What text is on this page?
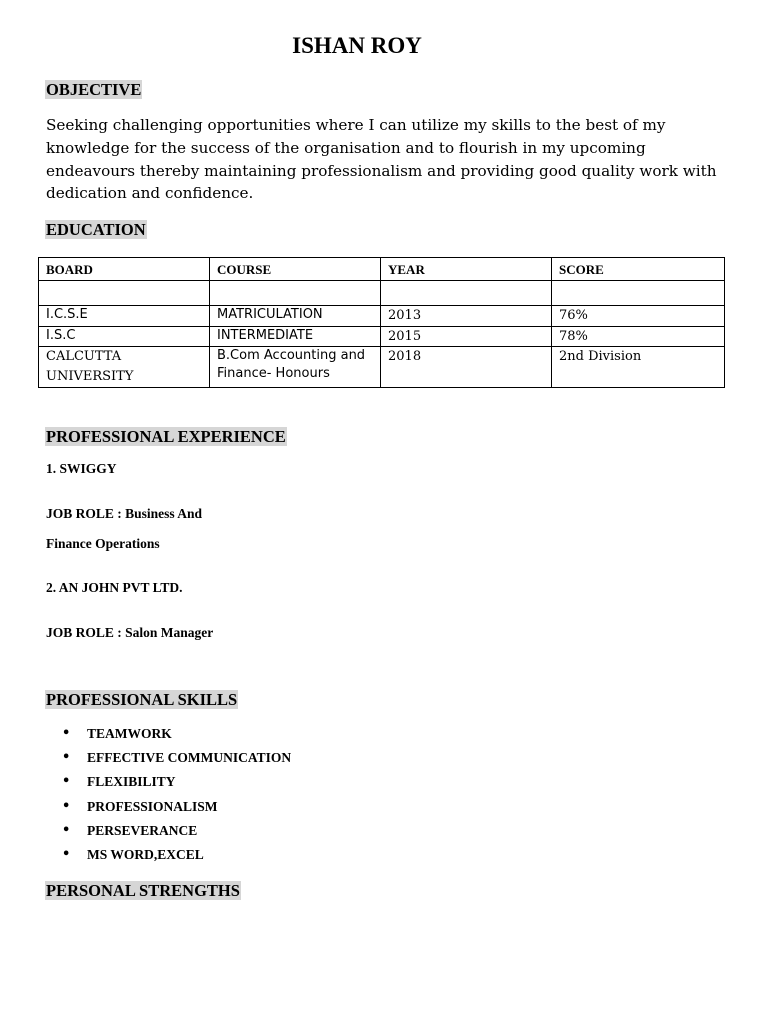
ISHAN ROY
OBJECTIVE
Seeking challenging opportunities where I can utilize my skills to the best of my knowledge for the success of the organisation and to flourish in my upcoming endeavours thereby maintaining professionalism and providing good quality work with dedication and confidence.
EDUCATION
BOARD	COURSE	YEAR	SCORE

I.C.S.E	MATRICULATION	2013	76%
I.S.C	INTERMEDIATE	2015	78%
CALCUTTA UNIVERSITY	B.Com Accounting and Finance- Honours	2018	2nd Division
PROFESSIONAL EXPERIENCE
1. SWIGGY
JOB ROLE : Business And
Finance Operations
2. AN JOHN PVT LTD.
JOB ROLE : Salon Manager
PROFESSIONAL SKILLS
• TEAMWORK
• EFFECTIVE COMMUNICATION
• FLEXIBILITY
• PROFESSIONALISM
• PERSEVERANCE
• MS WORD,EXCEL
PERSONAL STRENGTHS
